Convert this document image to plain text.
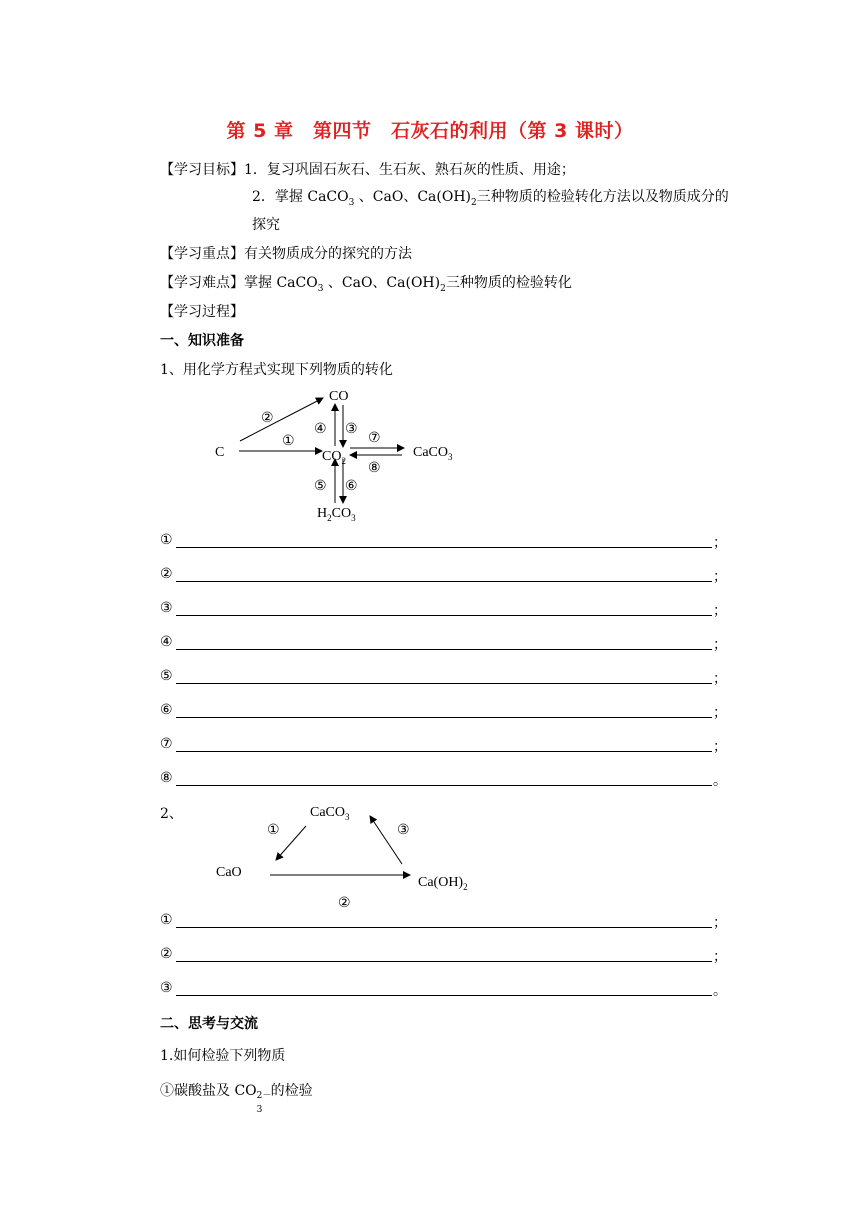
第 5 章　第四节　石灰石的利用（第 3 课时）
【学习目标】1．复习巩固石灰石、生石灰、熟石灰的性质、用途；
2．掌握 CaCO$_3$ 、CaO、$Ca(OH)_2$三种物质的检验转化方法以及物质成分的
探究
【学习重点】有关物质成分的探究的方法
【学习难点】掌握 CaCO$_3$ 、CaO、$Ca(OH)_2$三种物质的检验转化
【学习过程】
一、知识准备
1、用化学方程式实现下列物质的转化
CO
C	$CO_2$
CaCO$_3$
$H_2CO_3$
②
①
④ ③
⑦
⑧
⑤ ⑥
①	；
②	；
③	；
④	；
⑤	；
⑥	；
⑦	；
⑧	。
2、	CaCO$_3$
CaO
$Ca(OH)_2$
①	③
②
①	；
②	；
③	。
二、思考与交流
1.如何检验下列物质
①碳酸盐及 CO 2－
3
的检验
